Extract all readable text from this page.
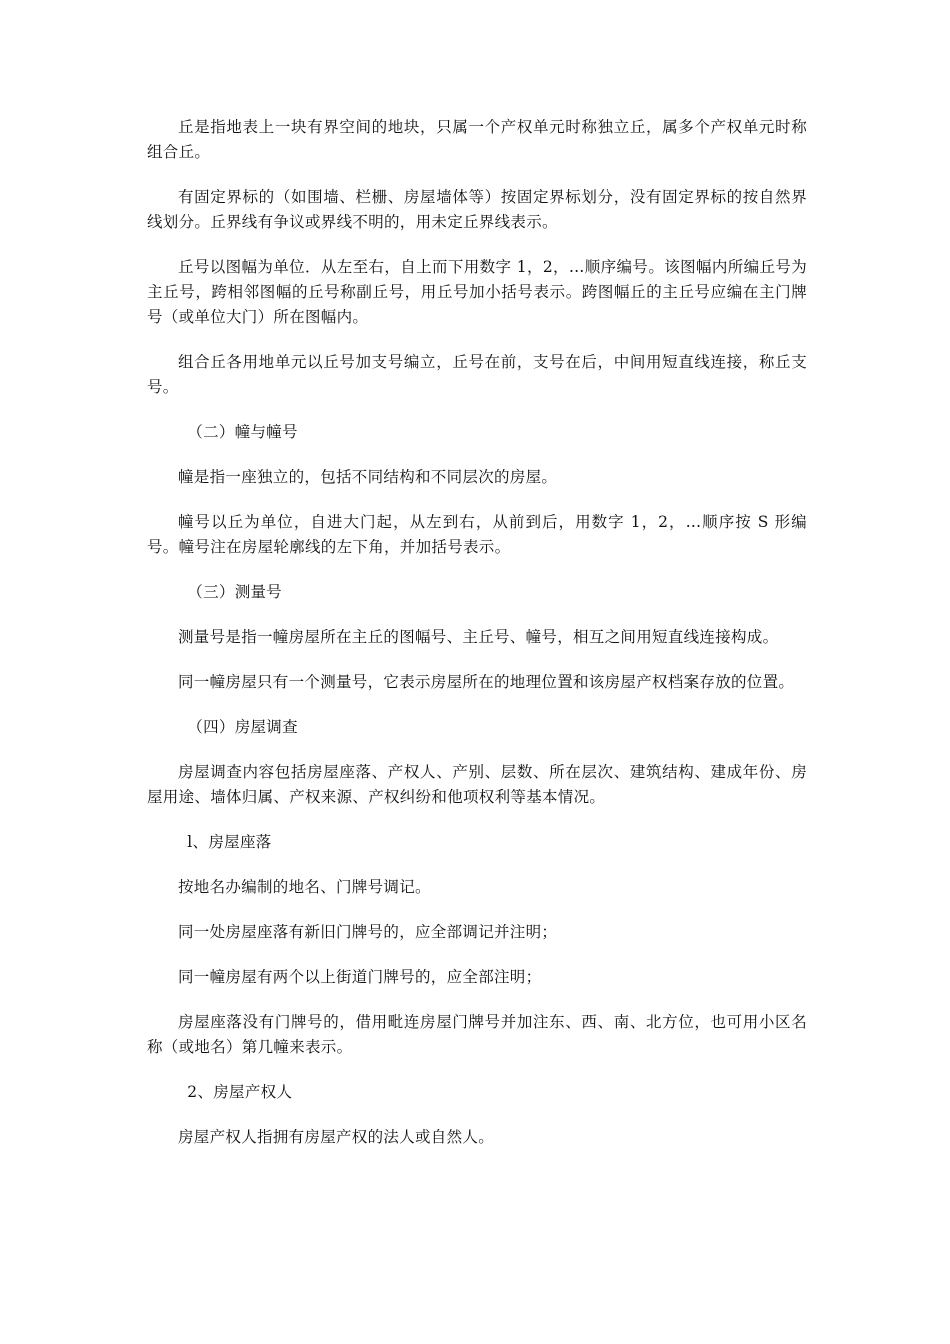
丘是指地表上一块有界空间的地块，只属一个产权单元时称独立丘，属多个产权单元时称组合丘。

有固定界标的（如围墙、栏栅、房屋墙体等）按固定界标划分，没有固定界标的按自然界线划分。丘界线有争议或界线不明的，用未定丘界线表示。

丘号以图幅为单位．从左至右，自上而下用数字 1，2，…顺序编号。该图幅内所编丘号为主丘号，跨相邻图幅的丘号称副丘号，用丘号加小括号表示。跨图幅丘的主丘号应编在主门牌号（或单位大门）所在图幅内。

组合丘各用地单元以丘号加支号编立，丘号在前，支号在后，中间用短直线连接，称丘支号。

（二）幢与幢号

幢是指一座独立的，包括不同结构和不同层次的房屋。

幢号以丘为单位，自进大门起，从左到右，从前到后，用数字 1，2，…顺序按 S 形编号。幢号注在房屋轮廓线的左下角，并加括号表示。

（三）测量号

测量号是指一幢房屋所在主丘的图幅号、主丘号、幢号，相互之间用短直线连接构成。

同一幢房屋只有一个测量号，它表示房屋所在的地理位置和该房屋产权档案存放的位置。

（四）房屋调查

房屋调查内容包括房屋座落、产权人、产别、层数、所在层次、建筑结构、建成年份、房屋用途、墙体归属、产权来源、产权纠纷和他项权利等基本情况。

l、房屋座落

按地名办编制的地名、门牌号调记。

同一处房屋座落有新旧门牌号的，应全部调记并注明；

同一幢房屋有两个以上街道门牌号的，应全部注明；

房屋座落没有门牌号的，借用毗连房屋门牌号并加注东、西、南、北方位，也可用小区名称（或地名）第几幢来表示。

2、房屋产权人

房屋产权人指拥有房屋产权的法人或自然人。
